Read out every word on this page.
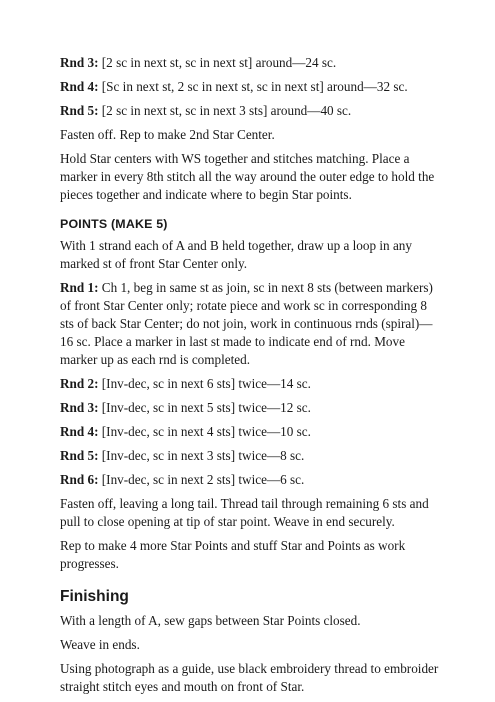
Rnd 3: [2 sc in next st, sc in next st] around—24 sc.

Rnd 4: [Sc in next st, 2 sc in next st, sc in next st] around—32 sc.

Rnd 5: [2 sc in next st, sc in next 3 sts] around—40 sc.

Fasten off. Rep to make 2nd Star Center.

Hold Star centers with WS together and stitches matching. Place a marker in every 8th stitch all the way around the outer edge to hold the pieces together and indicate where to begin Star points.

POINTS (MAKE 5)

With 1 strand each of A and B held together, draw up a loop in any marked st of front Star Center only.

Rnd 1: Ch 1, beg in same st as join, sc in next 8 sts (between markers) of front Star Center only; rotate piece and work sc in corresponding 8 sts of back Star Center; do not join, work in continuous rnds (spiral)—16 sc. Place a marker in last st made to indicate end of rnd. Move marker up as each rnd is completed.

Rnd 2: [Inv-dec, sc in next 6 sts] twice—14 sc.

Rnd 3: [Inv-dec, sc in next 5 sts] twice—12 sc.

Rnd 4: [Inv-dec, sc in next 4 sts] twice—10 sc.

Rnd 5: [Inv-dec, sc in next 3 sts] twice—8 sc.

Rnd 6: [Inv-dec, sc in next 2 sts] twice—6 sc.

Fasten off, leaving a long tail. Thread tail through remaining 6 sts and pull to close opening at tip of star point. Weave in end securely.

Rep to make 4 more Star Points and stuff Star and Points as work progresses.

Finishing

With a length of A, sew gaps between Star Points closed.

Weave in ends.

Using photograph as a guide, use black embroidery thread to embroider straight stitch eyes and mouth on front of Star.
